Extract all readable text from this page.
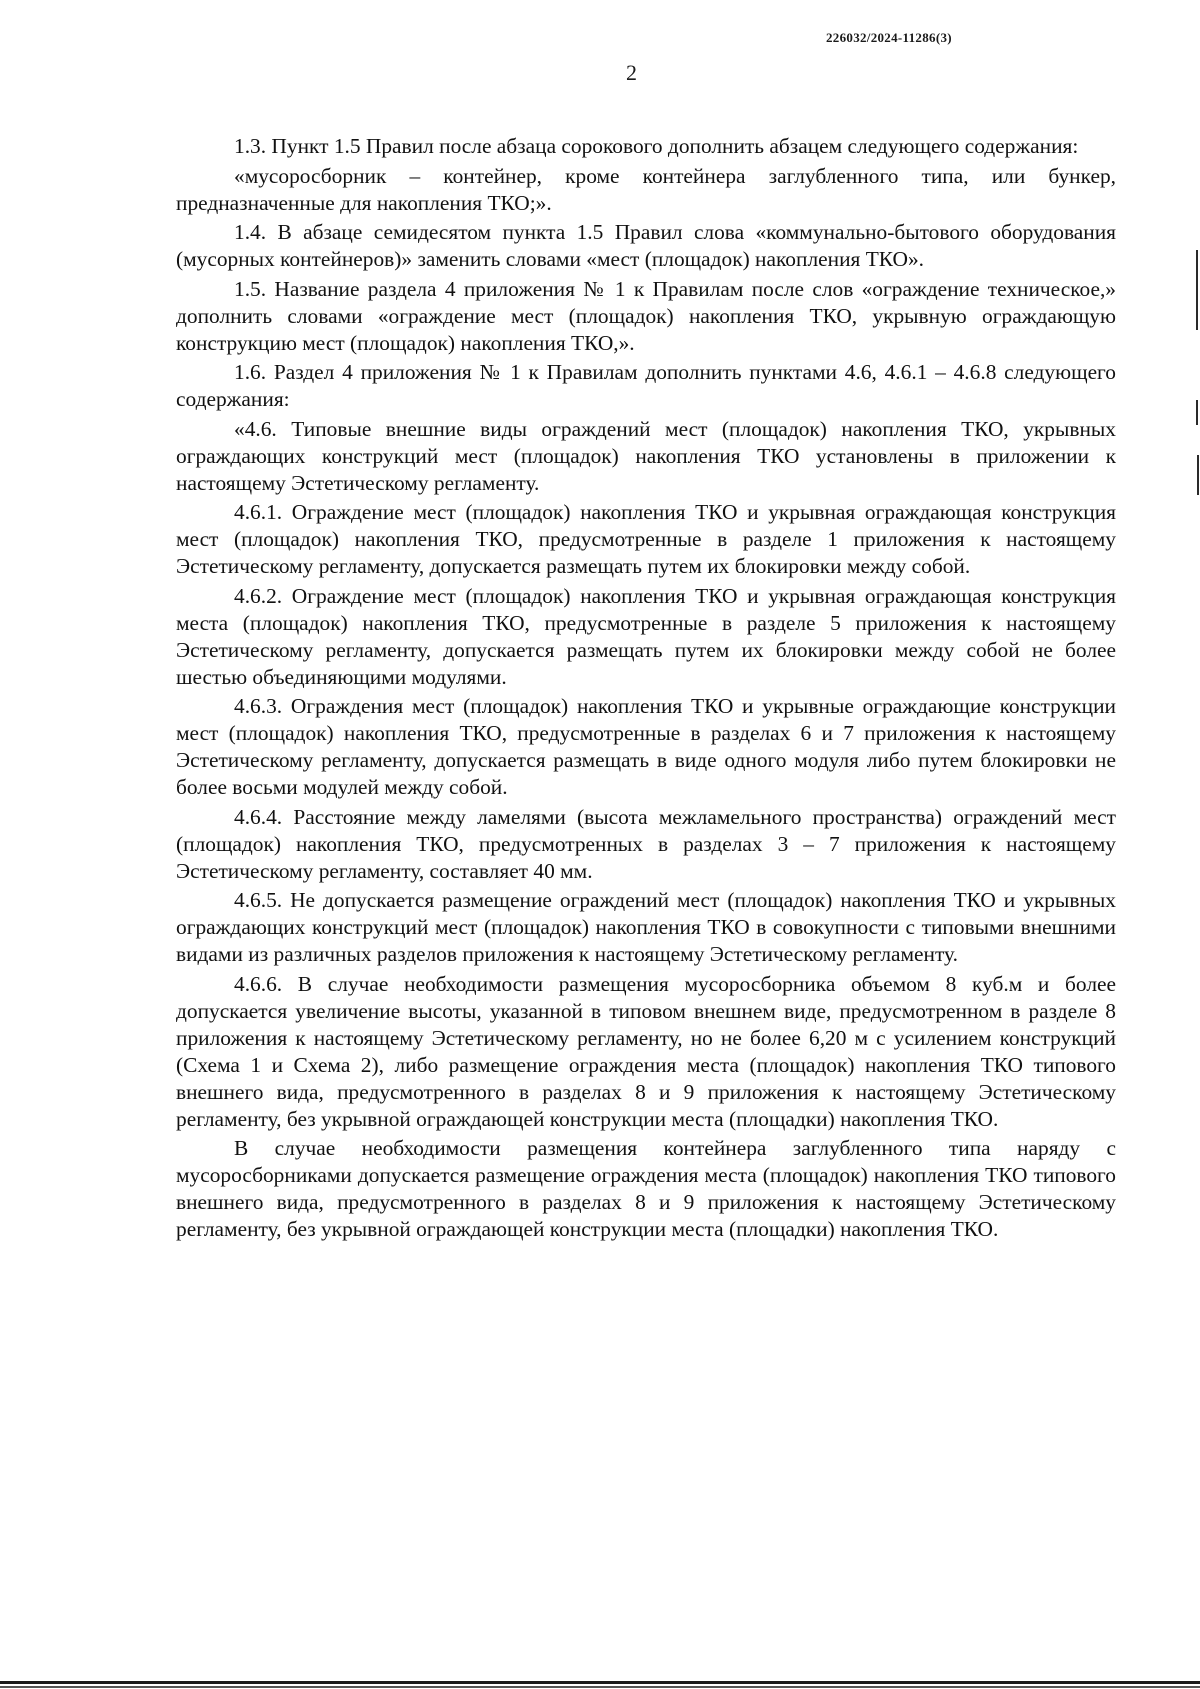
226032/2024-11286(3)
2

1.3. Пункт 1.5 Правил после абзаца сорокового дополнить абзацем следующего содержания:

«мусоросборник – контейнер, кроме контейнера заглубленного типа, или бункер, предназначенные для накопления ТКО;».

1.4. В абзаце семидесятом пункта 1.5 Правил слова «коммунально-бытового оборудования (мусорных контейнеров)» заменить словами «мест (площадок) накопления ТКО».

1.5. Название раздела 4 приложения № 1 к Правилам после слов «ограждение техническое,» дополнить словами «ограждение мест (площадок) накопления ТКО, укрывную ограждающую конструкцию мест (площадок) накопления ТКО,».

1.6. Раздел 4 приложения № 1 к Правилам дополнить пунктами 4.6, 4.6.1 – 4.6.8 следующего содержания:

«4.6. Типовые внешние виды ограждений мест (площадок) накопления ТКО, укрывных ограждающих конструкций мест (площадок) накопления ТКО установлены в приложении к настоящему Эстетическому регламенту.

4.6.1. Ограждение мест (площадок) накопления ТКО и укрывная ограждающая конструкция мест (площадок) накопления ТКО, предусмотренные в разделе 1 приложения к настоящему Эстетическому регламенту, допускается размещать путем их блокировки между собой.

4.6.2. Ограждение мест (площадок) накопления ТКО и укрывная ограждающая конструкция места (площадок) накопления ТКО, предусмотренные в разделе 5 приложения к настоящему Эстетическому регламенту, допускается размещать путем их блокировки между собой не более шестью объединяющими модулями.

4.6.3. Ограждения мест (площадок) накопления ТКО и укрывные ограждающие конструкции мест (площадок) накопления ТКО, предусмотренные в разделах 6 и 7 приложения к настоящему Эстетическому регламенту, допускается размещать в виде одного модуля либо путем блокировки не более восьми модулей между собой.

4.6.4. Расстояние между ламелями (высота межламельного пространства) ограждений мест (площадок) накопления ТКО, предусмотренных в разделах 3 – 7 приложения к настоящему Эстетическому регламенту, составляет 40 мм.

4.6.5. Не допускается размещение ограждений мест (площадок) накопления ТКО и укрывных ограждающих конструкций мест (площадок) накопления ТКО в совокупности с типовыми внешними видами из различных разделов приложения к настоящему Эстетическому регламенту.

4.6.6. В случае необходимости размещения мусоросборника объемом 8 куб.м и более допускается увеличение высоты, указанной в типовом внешнем виде, предусмотренном в разделе 8 приложения к настоящему Эстетическому регламенту, но не более 6,20 м с усилением конструкций (Схема 1 и Схема 2), либо размещение ограждения места (площадок) накопления ТКО типового внешнего вида, предусмотренного в разделах 8 и 9 приложения к настоящему Эстетическому регламенту, без укрывной ограждающей конструкции места (площадки) накопления ТКО.

В случае необходимости размещения контейнера заглубленного типа наряду с мусоросборниками допускается размещение ограждения места (площадок) накопления ТКО типового внешнего вида, предусмотренного в разделах 8 и 9 приложения к настоящему Эстетическому регламенту, без укрывной ограждающей конструкции места (площадки) накопления ТКО.
